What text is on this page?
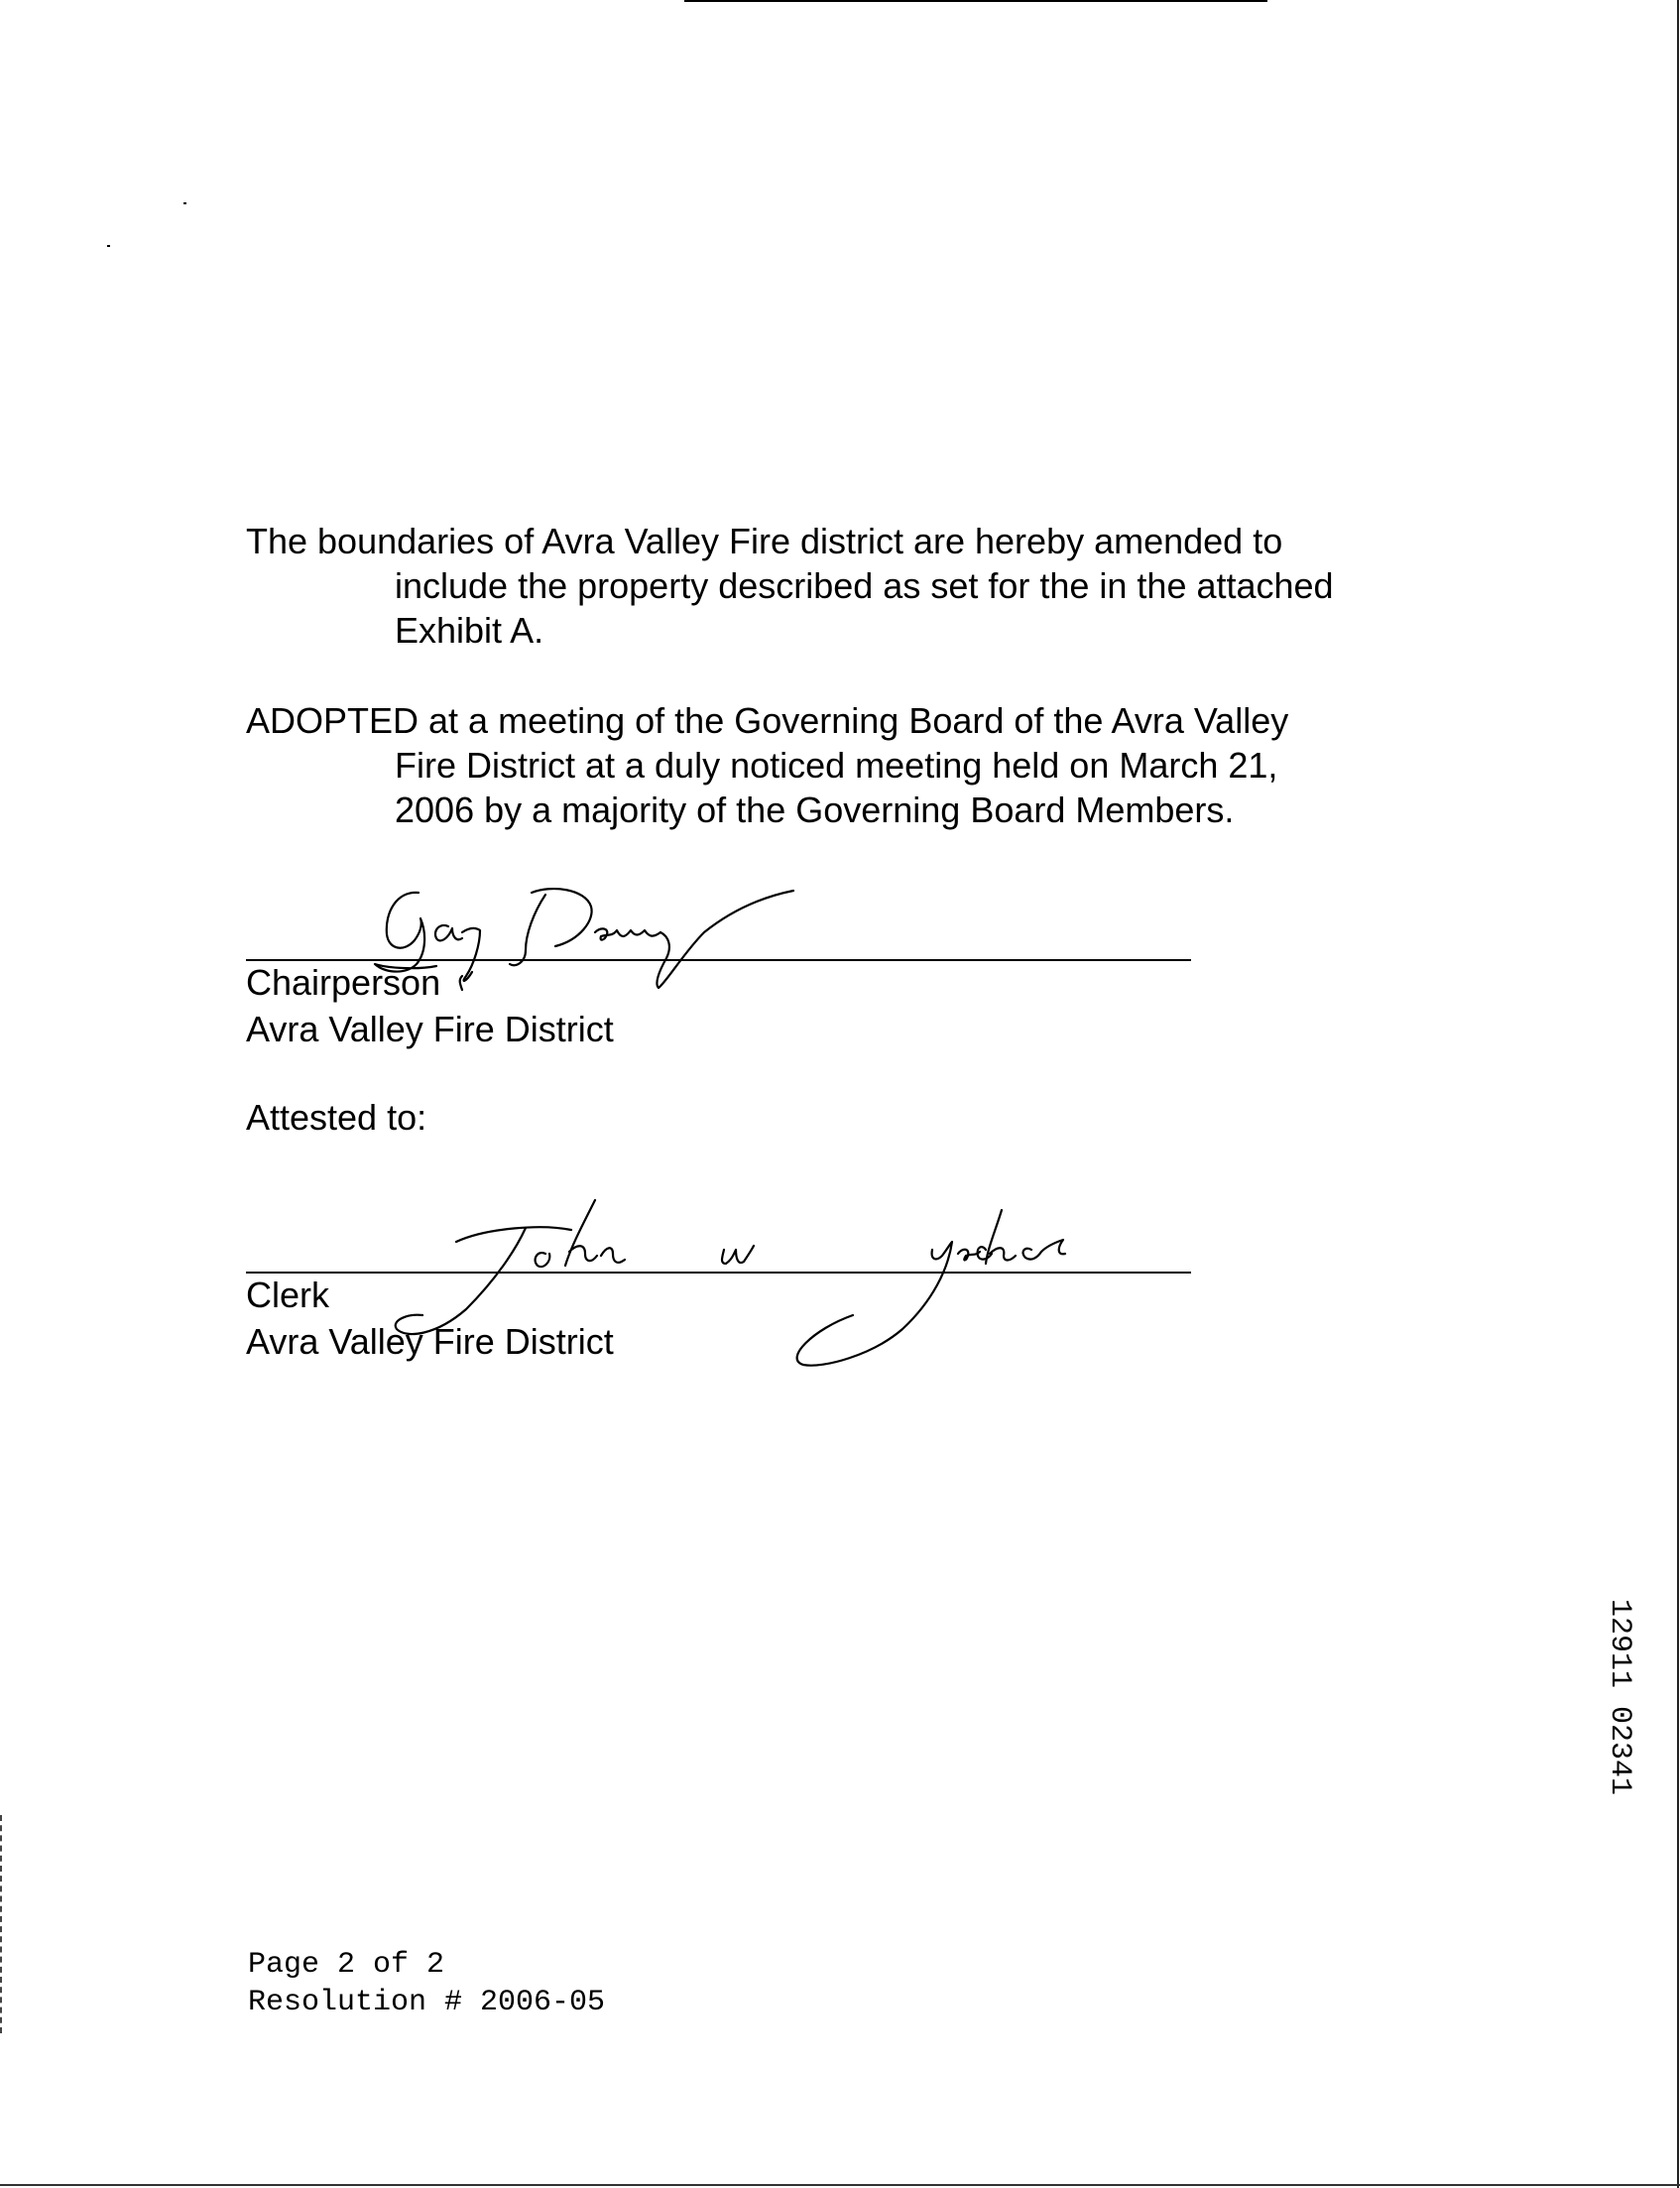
The boundaries of Avra Valley Fire district are hereby amended to
include the property described as set for the in the attached
Exhibit A.

ADOPTED at a meeting of the Governing Board of the Avra Valley
Fire District at a duly noticed meeting held on March 21,
2006 by a majority of the Governing Board Members.

Chairperson

Avra Valley Fire District

Attested to:

Clerk

Avra Valley Fire District

Page 2 of 2

Resolution # 2006-05

12911 02341
